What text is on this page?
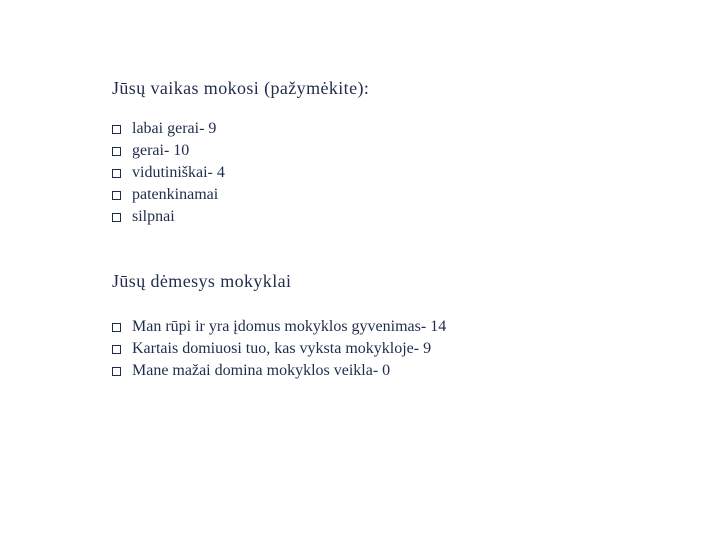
Jūsų vaikas mokosi (pažymėkite):
labai gerai- 9
gerai- 10
vidutiniškai- 4
patenkinamai
silpnai
Jūsų dėmesys mokyklai
Man rūpi ir yra įdomus mokyklos gyvenimas- 14
Kartais domiuosi tuo, kas vyksta mokykloje- 9
Mane mažai domina mokyklos veikla- 0
